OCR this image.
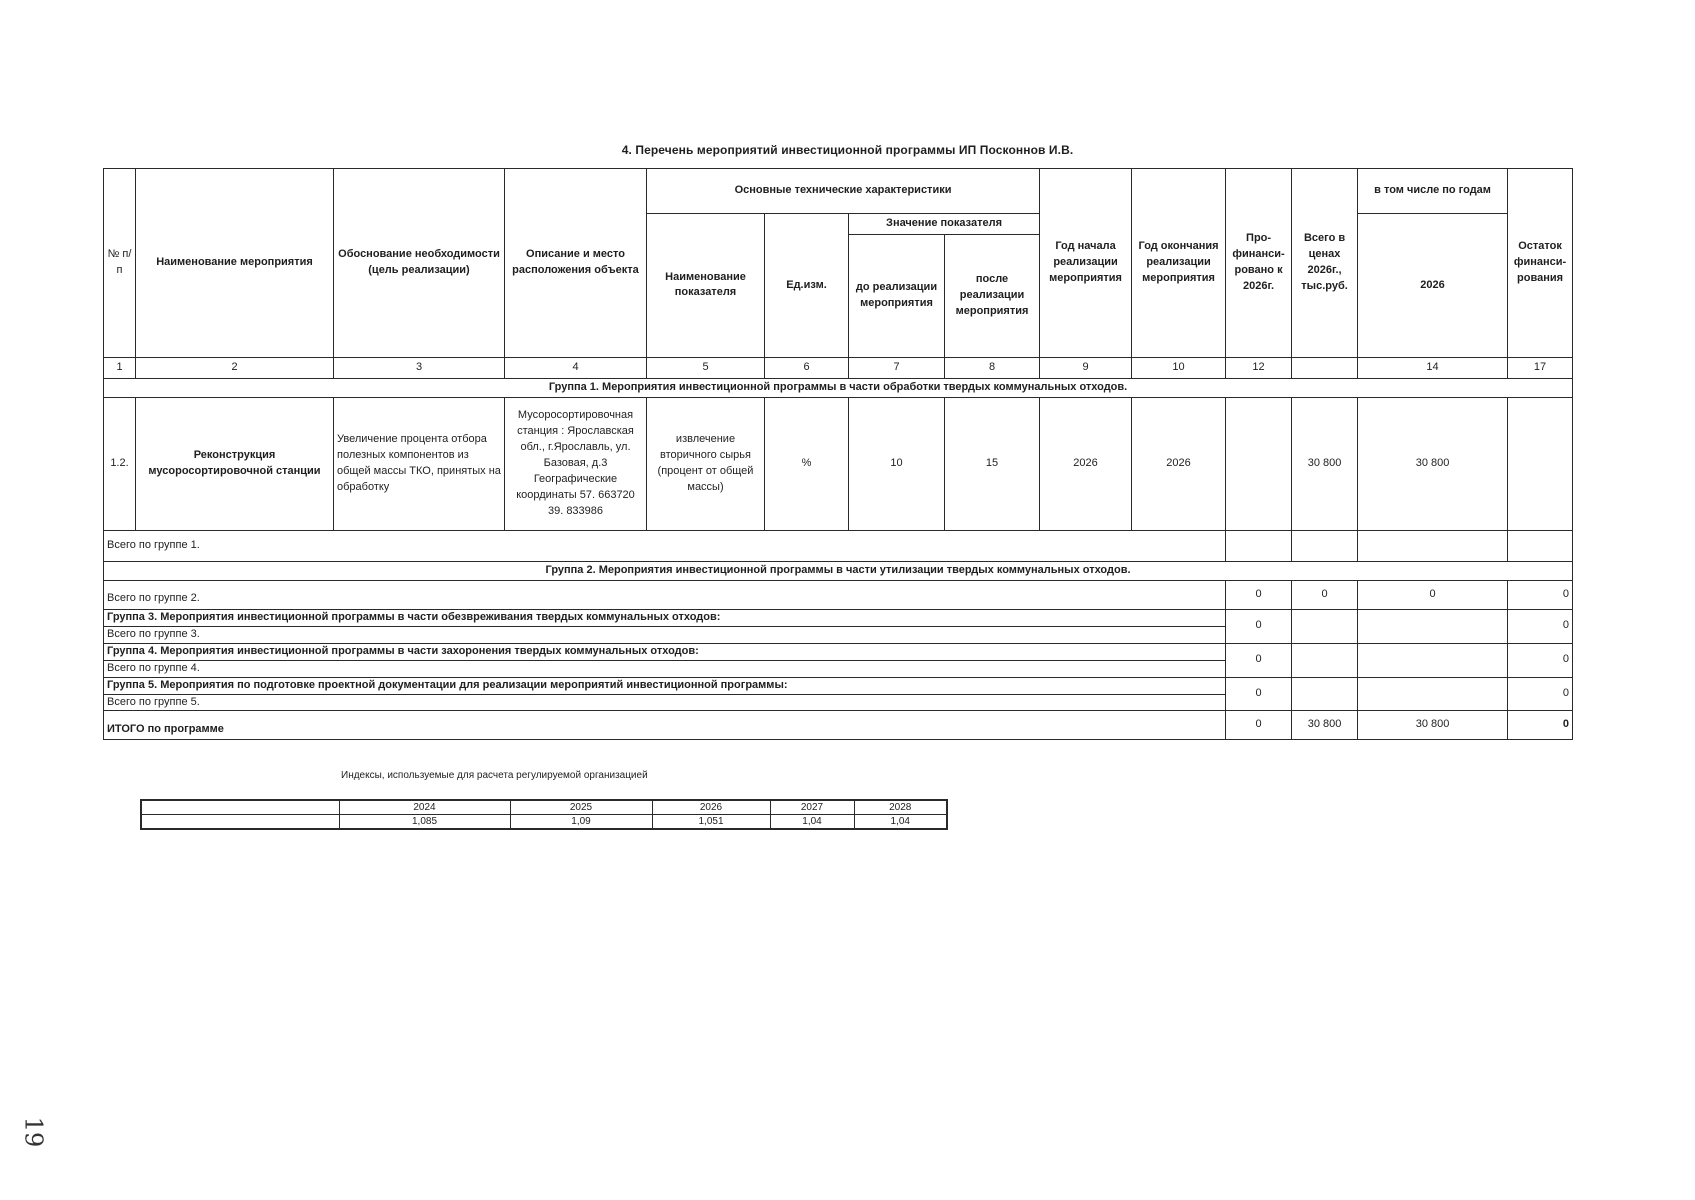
4. Перечень мероприятий инвестиционной программы ИП Посконнов И.В.
№ п/п	Наименование мероприятия	Обоснование необходимости (цель реализации)	Описание и место расположения объекта	Основные технические характеристики				Год начала реализации мероприятия	Год окончания реализации мероприятия	Про-финанси-ровано к 2026г.	Всего в ценах 2026г., тыс.руб.	в том числе по годам	Остаток финанси-рования
				Наименование показателя	Ед.изм.	Значение показателя						2026	
						до реализации мероприятия	после реализации мероприятия						
1	2	3	4	5	6	7	8	9	10	12		14	17
Группа 1. Мероприятия инвестиционной программы в части обработки твердых коммунальных отходов.													
1.2.	Реконструкция мусоросортировочной станции	Увеличение процента отбора полезных компонентов из общей массы ТКО, принятых на обработку	Мусоросортировочная станция : Ярославская обл., г.Ярославль, ул. Базовая, д.3 Географические координаты 57. 663720 39. 833986	извлечение вторичного сырья (процент от общей массы)	%	10	15	2026	2026		30 800	30 800	
Всего по группе 1.													
Группа 2. Мероприятия инвестиционной программы в части утилизации твердых коммунальных отходов.													
Всего по группе 2.										0	0	0	0
Группа 3. Мероприятия инвестиционной программы в части обезвреживания твердых коммунальных отходов:										0			0
Всего по группе 3.													
Группа 4. Мероприятия инвестиционной программы в части захоронения твердых коммунальных отходов:										0			0
Всего по группе 4.													
Группа 5. Мероприятия по подготовке проектной документации для реализации мероприятий инвестиционной программы:										0			0
Всего по группе 5.													
ИТОГО по программе										0	30 800	30 800	0
Индексы, используемые для расчета регулируемой организацией
	2024	2025	2026	2027	2028
	1,085	1,09	1,051	1,04	1,04
19
